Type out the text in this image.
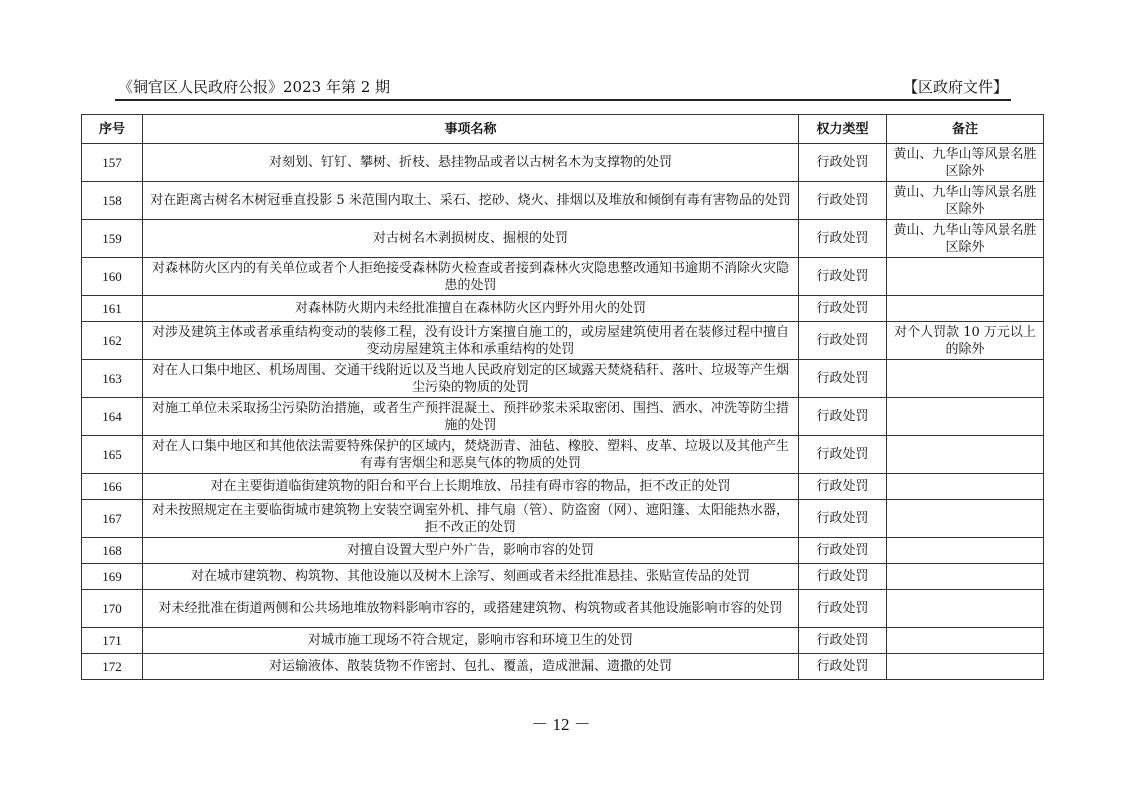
《铜官区人民政府公报》2023 年第 2 期	【区政府文件】
序号	事项名称	权力类型	备注
157	对刻划、钉钉、攀树、折枝、悬挂物品或者以古树名木为支撑物的处罚	行政处罚	黄山、九华山等风景名胜区除外
158	对在距离古树名木树冠垂直投影 5 米范围内取土、采石、挖砂、烧火、排烟以及堆放和倾倒有毒有害物品的处罚	行政处罚	黄山、九华山等风景名胜区除外
159	对古树名木剥损树皮、掘根的处罚	行政处罚	黄山、九华山等风景名胜区除外
160	对森林防火区内的有关单位或者个人拒绝接受森林防火检查或者接到森林火灾隐患整改通知书逾期不消除火灾隐患的处罚	行政处罚	
161	对森林防火期内未经批准擅自在森林防火区内野外用火的处罚	行政处罚	
162	对涉及建筑主体或者承重结构变动的装修工程，没有设计方案擅自施工的，或房屋建筑使用者在装修过程中擅自变动房屋建筑主体和承重结构的处罚	行政处罚	对个人罚款 10 万元以上的除外
163	对在人口集中地区、机场周围、交通干线附近以及当地人民政府划定的区域露天焚烧秸秆、落叶、垃圾等产生烟尘污染的物质的处罚	行政处罚	
164	对施工单位未采取扬尘污染防治措施，或者生产预拌混凝土、预拌砂浆未采取密闭、围挡、洒水、冲洗等防尘措施的处罚	行政处罚	
165	对在人口集中地区和其他依法需要特殊保护的区域内，焚烧沥青、油毡、橡胶、塑料、皮革、垃圾以及其他产生有毒有害烟尘和恶臭气体的物质的处罚	行政处罚	
166	对在主要街道临街建筑物的阳台和平台上长期堆放、吊挂有碍市容的物品，拒不改正的处罚	行政处罚	
167	对未按照规定在主要临街城市建筑物上安装空调室外机、排气扇（管）、防盗窗（网）、遮阳篷、太阳能热水器，拒不改正的处罚	行政处罚	
168	对擅自设置大型户外广告，影响市容的处罚	行政处罚	
169	对在城市建筑物、构筑物、其他设施以及树木上涂写、刻画或者未经批准悬挂、张贴宣传品的处罚	行政处罚	
170	对未经批准在街道两侧和公共场地堆放物料影响市容的，或搭建建筑物、构筑物或者其他设施影响市容的处罚	行政处罚	
171	对城市施工现场不符合规定，影响市容和环境卫生的处罚	行政处罚	
172	对运输液体、散装货物不作密封、包扎、覆盖，造成泄漏、遗撒的处罚	行政处罚	
－ 12 －
